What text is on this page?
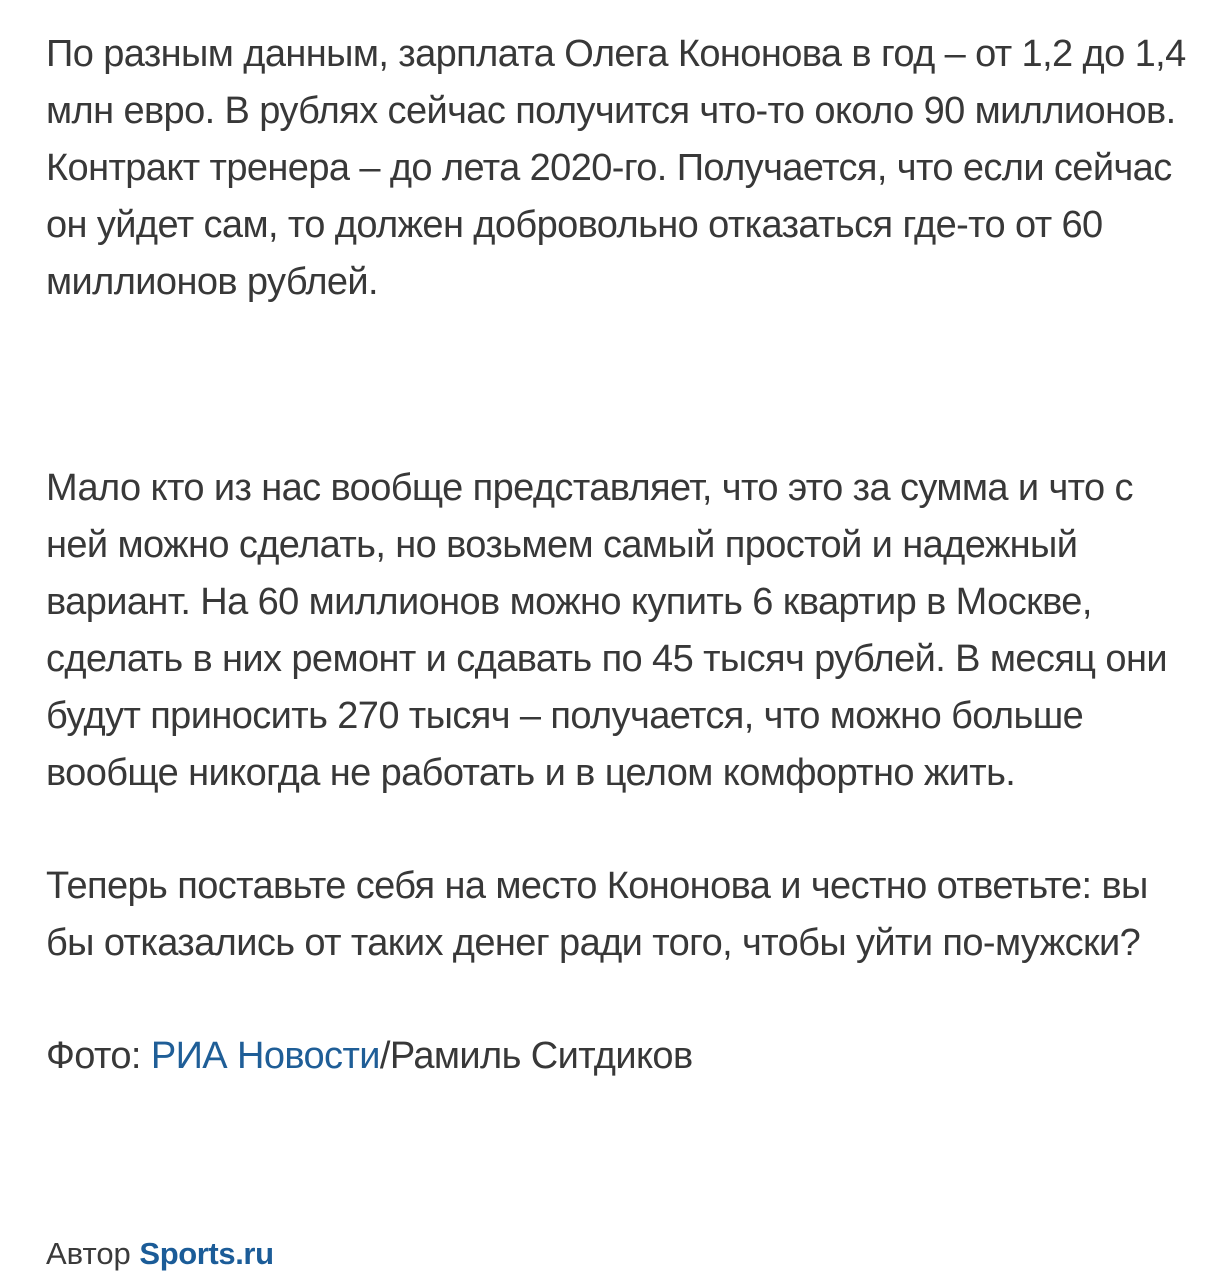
По разным данным, зарплата Олега Кононова в год – от 1,2 до 1,4 млн евро. В рублях сейчас получится что-то около 90 миллионов. Контракт тренера – до лета 2020-го. Получается, что если сейчас он уйдет сам, то должен добровольно отказаться где-то от 60 миллионов рублей.

Мало кто из нас вообще представляет, что это за сумма и что с ней можно сделать, но возьмем самый простой и надежный вариант. На 60 миллионов можно купить 6 квартир в Москве, сделать в них ремонт и сдавать по 45 тысяч рублей. В месяц они будут приносить 270 тысяч – получается, что можно больше вообще никогда не работать и в целом комфортно жить.

Теперь поставьте себя на место Кононова и честно ответьте: вы бы отказались от таких денег ради того, чтобы уйти по-мужски?

Фото: РИА Новости/Рамиль Ситдиков

Автор Sports.ru
